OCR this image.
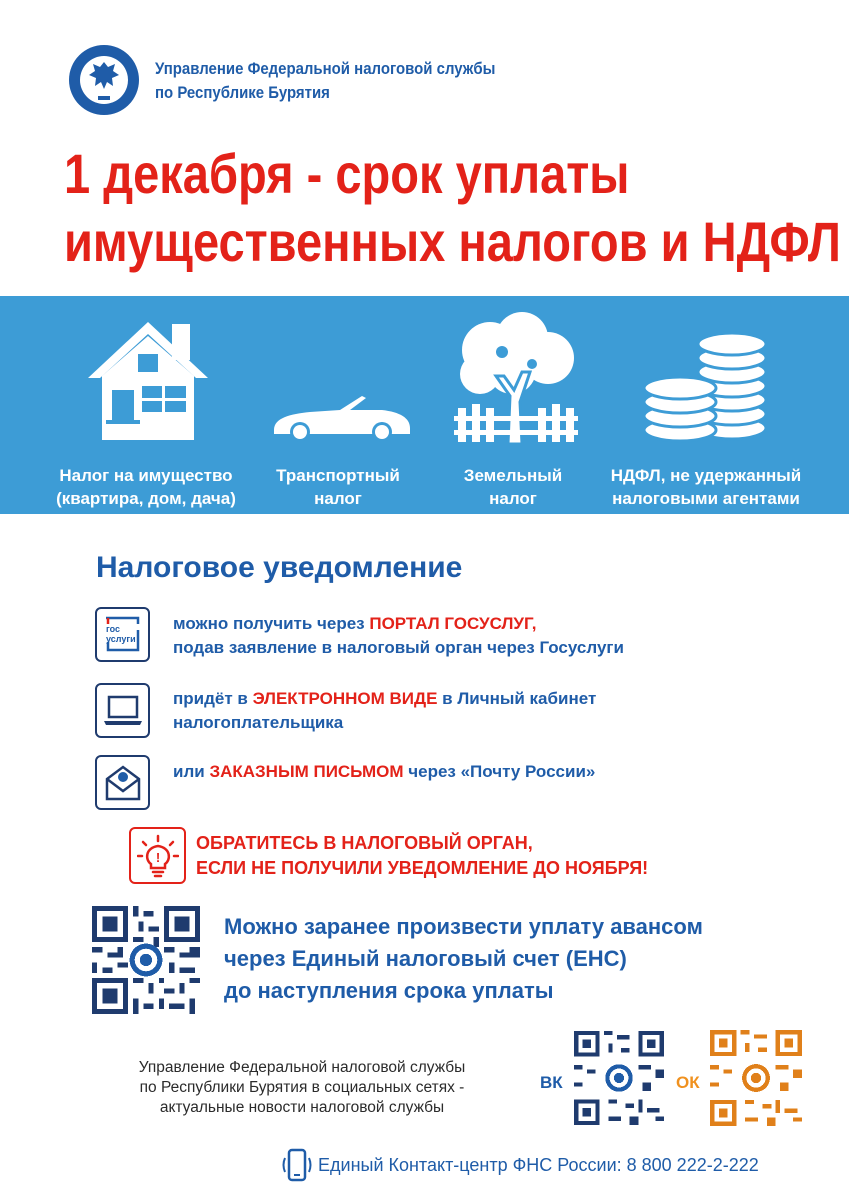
Управление Федеральной налоговой службы
по Республике Бурятия
1 декабря - срок уплаты
имущественных налогов и НДФЛ
Налог на имущество
(квартира, дом, дача)
Транспортный
налог
Земельный
налог
НДФЛ, не удержанный
налоговыми агентами
Налоговое уведомление
гос
услуги
можно получить через ПОРТАЛ ГОСУСЛУГ,
подав заявление в налоговый орган через Госуслуги
придёт в ЭЛЕКТРОННОМ ВИДЕ в Личный кабинет
налогоплательщика
или ЗАКАЗНЫМ ПИСЬМОМ через «Почту России»
!
ОБРАТИТЕСЬ В НАЛОГОВЫЙ ОРГАН,
ЕСЛИ НЕ ПОЛУЧИЛИ УВЕДОМЛЕНИЕ ДО НОЯБРЯ!
Можно заранее произвести уплату авансом
через Единый налоговый счет (ЕНС)
до наступления срока уплаты
Управление Федеральной налоговой службы
по Республики Бурятия в социальных сетях -
актуальные новости налоговой службы
ВК	ОК
Единый Контакт-центр ФНС России: 8 800 222-2-222
